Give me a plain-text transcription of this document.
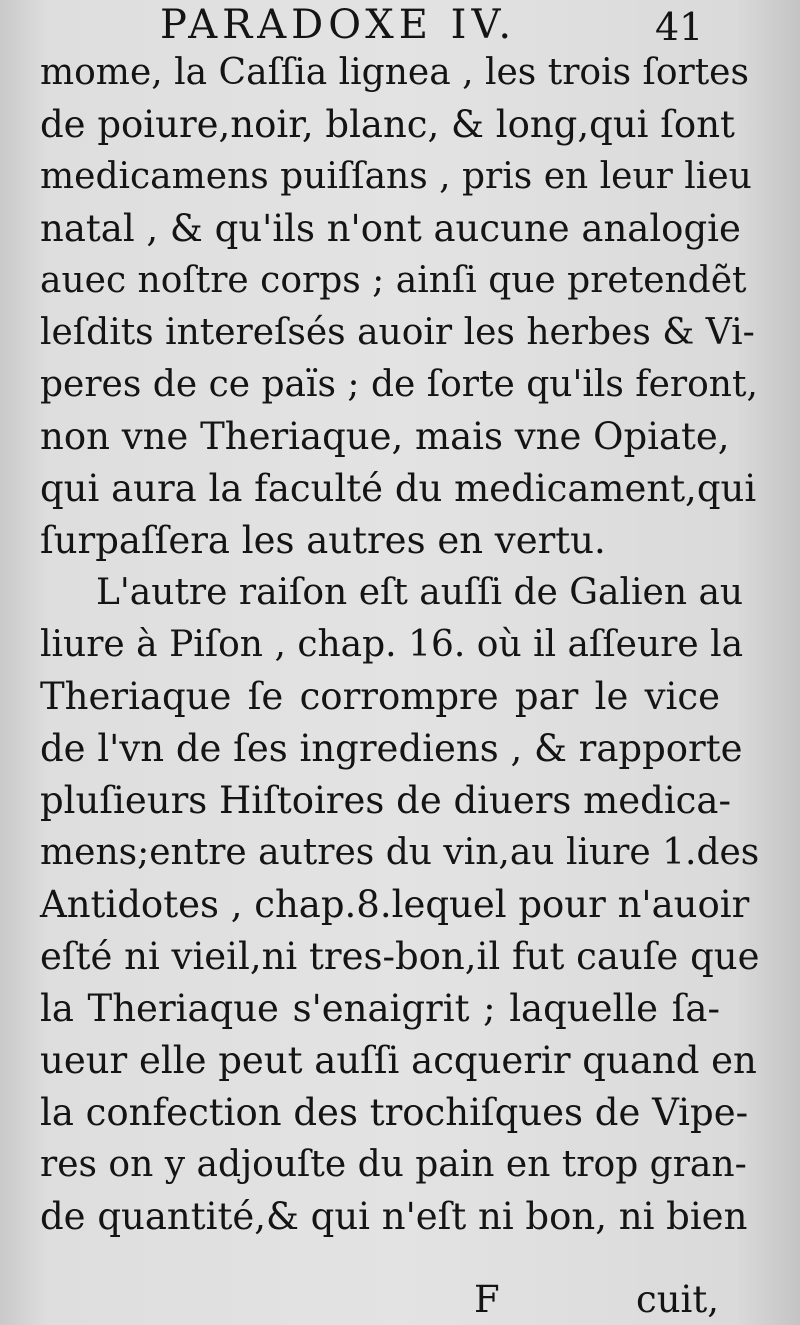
PARADOXE IV.	41
mome, la Caſſia lignea , les trois ſortes
de poiure,noir, blanc, & long,qui ſont
medicamens puiſſans , pris en leur lieu
natal , & qu'ils n'ont aucune analogie
auec noſtre corps ; ainſi que pretendẽt
leſdits intereſsés auoir les herbes & Vi-
peres de ce païs ; de ſorte qu'ils feront,
non vne Theriaque, mais vne Opiate,
qui aura la faculté du medicament,qui
ſurpaſſera les autres en vertu.
L'autre raiſon eſt auſſi de Galien au
liure à Piſon , chap. 16. où il aſſeure la
Theriaque ſe corrompre par le vice
de l'vn de ſes ingrediens , & rapporte
pluſieurs Hiſtoires de diuers medica-
mens;entre autres du vin,au liure 1.des
Antidotes , chap.8.lequel pour n'auoir
eſté ni vieil,ni tres-bon,il fut cauſe que
la Theriaque s'enaigrit ; laquelle ſa-
ueur elle peut auſſi acquerir quand en
la confection des trochiſques de Vipe-
res on y adjouſte du pain en trop gran-
de quantité,& qui n'eſt ni bon, ni bien
F	cuit,
